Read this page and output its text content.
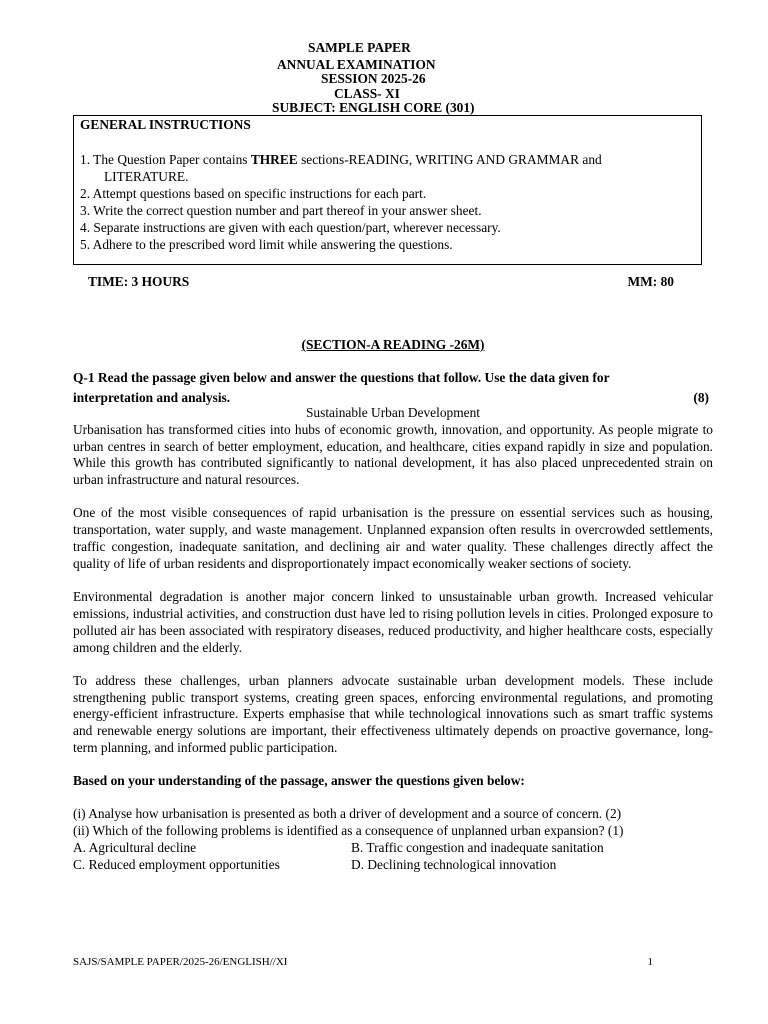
SAMPLE PAPER
ANNUAL EXAMINATION
SESSION 2025-26
CLASS- XI
SUBJECT: ENGLISH CORE (301)
GENERAL INSTRUCTIONS
1. The Question Paper contains THREE sections-READING, WRITING AND GRAMMAR and
LITERATURE.
2. Attempt questions based on specific instructions for each part.
3. Write the correct question number and part thereof in your answer sheet.
4. Separate instructions are given with each question/part, wherever necessary.
5. Adhere to the prescribed word limit while answering the questions.
TIME: 3 HOURS	MM: 80
(SECTION-A READING -26M)
Q-1 Read the passage given below and answer the questions that follow. Use the data given for
interpretation and analysis.	(8)
Sustainable Urban Development

Urbanisation has transformed cities into hubs of economic growth, innovation, and opportunity. As people migrate to urban centres in search of better employment, education, and healthcare, cities expand rapidly in size and population. While this growth has contributed significantly to national development, it has also placed unprecedented strain on urban infrastructure and natural resources.

One of the most visible consequences of rapid urbanisation is the pressure on essential services such as housing, transportation, water supply, and waste management. Unplanned expansion often results in overcrowded settlements, traffic congestion, inadequate sanitation, and declining air and water quality. These challenges directly affect the quality of life of urban residents and disproportionately impact economically weaker sections of society.

Environmental degradation is another major concern linked to unsustainable urban growth. Increased vehicular emissions, industrial activities, and construction dust have led to rising pollution levels in cities. Prolonged exposure to polluted air has been associated with respiratory diseases, reduced productivity, and higher healthcare costs, especially among children and the elderly.

To address these challenges, urban planners advocate sustainable urban development models. These include strengthening public transport systems, creating green spaces, enforcing environmental regulations, and promoting energy-efficient infrastructure. Experts emphasise that while technological innovations such as smart traffic systems and renewable energy solutions are important, their effectiveness ultimately depends on proactive governance, long-term planning, and informed public participation.

Based on your understanding of the passage, answer the questions given below:

(i) Analyse how urbanisation is presented as both a driver of development and a source of concern. (2)

(ii) Which of the following problems is identified as a consequence of unplanned urban expansion? (1)

A. Agricultural decline	B. Traffic congestion and inadequate sanitation
C. Reduced employment opportunities	D. Declining technological innovation
SAJS/SAMPLE PAPER/2025-26/ENGLISH//XI	1
